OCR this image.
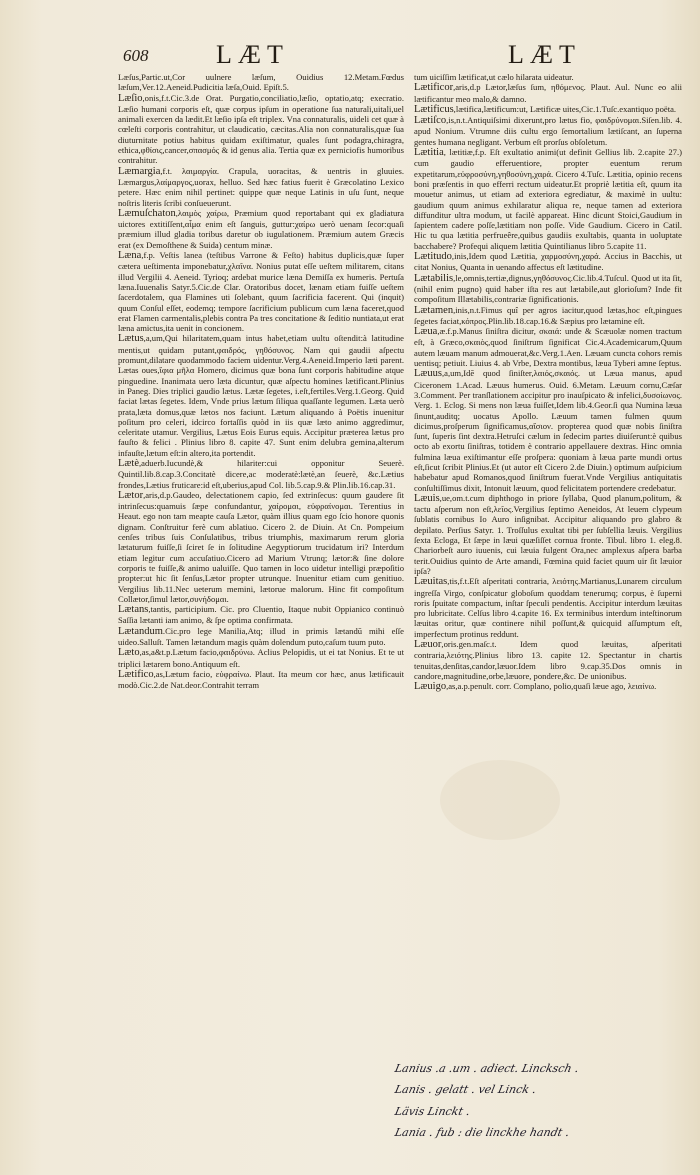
608	LÆT	LÆT

Læſus,Partic.ut,Cor uulnere læſum, Ouidius 12.Metam.Fœdus læſum,Ver.12.Aeneid.Pudicitia læſa,Ouid. Epiſt.5.

Læſio,onis,f.t.Cic.3.de Orat. Purgatio,conciliatio,læſio, optatio,atq; execratio. Læſio humani corporis eſt, quæ corpus ipſum in operatione ſua naturali,uitali,uel animali exercen da lædit.Et læſio ipſa eſt triplex. Vna connaturalis, uideli cet quæ à cœleſti corporis contrahitur, ut claudicatio, cæcitas.Alia non connaturalis,quæ ſua diuturnitate potius habitus quidam exiſtimatur, quales ſunt podagra,chiragra, ethica,φθίσις,cancer,σπασμός & id genus alia. Tertia quæ ex perniciofis humoribus contrahitur.

Læmargia,f.t. λαιμαργία. Crapula, uoracitas, & uentris in gluuies. Læmargus,λαίμαργος,uorax, helluo. Sed hæc fatius fuerit è Græcolatino Lexico petere. Hæc enim nihil pertinet: quippe quæ neque Latinis in uſu ſunt, neque noſtris literis ſcribi conſueuerunt.

Læmuſchaton,λαιμὸς χαίρω, Præmium quod reportabant qui ex gladiatura uictores extitiſſent,αἷμα enim eſt ſanguis, guttur:χαίρω uerò uenam ſecor:quaſi præmium illud gladia toribus daretur ob iugulationem. Præmium autem Græcis erat (ex Demoſthene & Suida) centum minæ.

Læna,f.p. Veſtis lanea (teſtibus Varrone & Feſto) habitus duplicis,quæ ſuper cætera ueſtimenta imponebatur,χλαῖνα. Nonius putat eſſe ueſtem militarem, citans illud Vergilii 4. Aeneid. Tyrioq; ardebat murice læna Demiſſa ex humeris. Pertuſa læna.Iuuenalis Satyr.5.Cic.de Clar. Oratoribus docet, lænam etiam fuiſſe ueſtem ſacerdotalem, qua Flamines uti ſolebant, quum ſacrificia facerent. Qui (inquit) quum Conſul eſſet, eodemq; tempore ſacrificium publicum cum læna faceret,quod erat Flamen carmentalis,plebis contra Pa tres concitatione & ſeditio nuntiata,ut erat læna amictus,ita uenit in concionem.

Lætus,a,um,Qui hilaritatem,quam intus habet,etiam uultu oſtendit:à latitudine mentis,ut quidam putant,φαιδρός, γηθόσυνος. Nam qui gaudii aſpectu promunt,dilatare quodammodo faciem uidentur.Verg.4.Aeneid.Imperio læti parent. Lætas oues,ἴφια μῆλα Homero, dicimus quæ bona ſunt corporis habitudine atque pinguedine. Inanimata uero læta dicuntur, quæ aſpectu homines lætificant.Plinius in Paneg. Dies triplici gaudio lætus. Lætæ ſegetes, i.eſt,fertiles.Verg.1.Georg. Quid faciat lætas ſegetes. Idem, Vnde prius lætum ſiliqua quaſſante legumen. Læta uerò prata,læta domus,quæ lætos nos faciunt. Lætum aliquando à Poëtis inuenitur poſitum pro celeri, idcirco fortaſſis quòd in iis quæ læto animo aggredimur, celeritate utamur. Vergilius, Lætus Eois Eurus equis. Accipitur præterea lætus pro fauſto & felici . Plinius libro 8. capite 47. Sunt enim delubra gemina,alterum infauſte,lætum eſt:in altero,ita portendit.

Lætè,aduerb.Iucundè,& hilariter:cui opponitur Seuerè. Quintil.lib.8.cap.3.Concitatè dicere,ac moderatè:lætè,an ſeuerè, &c.Lætius frondes,Lætius fruticare:id eſt,uberius,apud Col. lib.5.cap.9.& Plin.lib.16.cap.31.

Lætor,aris,d.p.Gaudeo, delectationem capio, ſed extrinſecus: quum gaudere ſit intrinſecus:quamuis ſæpe confundantur, χαίρομαι, εὐφραίνομαι. Terentius in Heaut. ego non tam meapte cauſa Lætor, quàm illius quam ego ſcio honore quonis dignam. Conſtruitur ferè cum ablatiuo. Cicero 2. de Diuin. At Cn. Pompeium cenſes tribus ſuis Conſulatibus, tribus triumphis, maximarum rerum gloria lætaturum fuiſſe,ſi ſciret ſe in ſolitudine Aegyptiorum trucidatum iri? Interdum etiam legitur cum accuſatiuo.Cicero ad Marium Vtrunq; lætor:& ſine dolore corporis te fuiſſe,& animo ualuiſſe. Quo tamen in loco uidetur intelligi præpoſitio propter:ut hic ſit ſenſus,Lætor propter utrunque. Inuenitur etiam cum genitiuo. Vergilius lib.11.Nec ueterum memini, lætorue malorum. Hinc fit compoſitum Collætor,ſimul lætor,συνήδομαι.

Lætans,tantis, participium. Cic. pro Cluentio, Itaque nubit Oppianico continuò Saſſia lætanti iam animo, & ſpe optima confirmata.

Lætandum.Cic.pro lege Manilia,Atq; illud in primis lætandū mihi eſſe uideo.Salluſt. Tamen lætandum magis quàm dolendum puto,caſum tuum puto.

Læto,as,a&t.p.Lætum facio,φαιδρύνω. Aclius Pelopidis, ut ei tat Nonius. Et te ut triplici lætarem bono.Antiquum eſt.

Lætifico,as,Lætum facio, εὐφραίνω. Plaut. Ita meum cor hæc, anus lætificauit modò.Cic.2.de Nat.deor.Contrahit terram

tum uiciſſim lætificat,ut cælo hilarata uideatur.

Lætificor,aris,d.p Lætor,læſus ſum, ηθόμενος. Plaut. Aul. Nunc eo alii lætificantur meo malo,& damno.

Lætificus,lætifica,lætificum:ut, Lætificæ uites,Cic.1.Tuſc.exantiquo poëta.

Lætiſco,is,n.t.Antiquiſsimi dixerunt,pro lætus fio, φαιδρύνομαι.Siſen.lib. 4. apud Nonium. Vtrumne diis cultu ergo ſemortalium lætiſcant, an ſuperna gentes humana negligant. Verbum eſt prorſus obſoletum.

Lætitia, lætitiæ,f.p. Eſt exultatio animi(ut definit Gellius lib. 2.capite 27.) cum gaudio efferuentiore, propter euentum rerum expetitarum,εὐφροσύνη,γηθοσύνη,χαρά. Cicero 4.Tuſc. Lætitia, opinio recens boni præſentis in quo efferri rectum uideatur.Et propriè lætitia eſt, quum ita mouetur animus, ut etiam ad exteriora egrediatur, & maximè in uultu: gaudium quum animus exhilaratur aliqua re, neque tamen ad exteriora diffunditur ultra modum, ut facilè appareat. Hinc dicunt Stoici,Gaudium in ſapientem cadere poſſe,lætitiam non poſſe. Vide Gaudium. Cicero in Catil. Hic tu qua lætitia perfrueêre,quibus gaudiis exultabis, quanta in uoluptate bacchabere? Profequi aliquem lætitia Quintilianus libro 5.capite 11.

Lætitudo,inis,Idem quod Lætitia, χαρμοσύνη,χαρά. Accius in Bacchis, ut citat Nonius, Quanta in uenando affectus eſt lætitudine.

Lætabilis,le,omnis,tertiæ,dignus,γηθόσυνος.Cic.lib.4.Tuſcul. Quod ut ita ſit, (nihil enim pugno) quid haber iſta res aut lætabile,aut glorioſum? Inde fit compoſitum Illætabilis,contrariæ ſignificationis.

Lætamen,inis,n.t.Fimus quî per agros iacitur,quod lætas,hoc eſt,pingues ſegetes faciat,κόπρος.Plin.lib.18.cap.16.& Sæpius pro lætamine eſt.

Læua,æ.f.p.Manus ſiniſtra dicitur, σκαιά: unde & Scæuolæ nomen tractum eſt, à Græco,σκαιὸς,quod ſiniſtrum ſignificat Cic.4.Academicarum,Quum autem læuam manum admouerat,&c.Verg.1.Aen. Læuam cuncta cohors remis uentisq; petiuit. Liuius 4. ab Vrbe, Dextra montibus, læua Tyberi amne ſeptus.

Læuus,a,um,Idē quod ſiniſter,λαιός,σκαιός. ut Læua manus, apud Ciceronem 1.Acad. Læuus humerus. Ouid. 6.Metam. Læuum cornu,Cæſar 3.Comment. Per tranſlationem accipitur pro inauſpicato & infelici,δυσοίωνος. Verg. 1. Eclog. Si mens non læua fuiſſet,Idem lib.4.Geor.ſi qua Numina læua ſinunt,auditq; uocatus Apollo. Læuum tamen fulmen quum dicimus,proſperum ſignificamus,αἴσιον. propterea quod quæ nobis ſiniſtra ſunt, ſuperis ſint dextra.Hetruſci cælum in ſedecim partes diuiſerunt:è quibus octo ab exortu ſiniſtras, totidem è contrario appellauere dextras. Hinc omnia fulmina læua exiſtimantur eſſe proſpera: quoniam à læua parte mundi ortus eſt,ſicut ſcribit Plinius.Et (ut autor eſt Cicero 2.de Diuin.) optimum auſpicium habebatur apud Romanos,quod ſiniſtrum fuerat.Vnde Vergilius antiquitatis conſultiſſimus dixit, Intonuit læuum, quod felicitatem portendere credebatur.

Læuis,ue,om.t.cum diphthogo in priore ſyllaba, Quod planum,politum, & tactu aſperum non eſt,λεῖος.Vergilius ſeptimo Aeneidos, At leuem clypeum ſublatis cornibus Io Auro inſignibat. Accipitur aliquando pro glabro & depilato. Perſius Satyr. 1. Troſſulus exultat tibi per ſubſellia læuis. Vergilius ſexta Ecloga, Et ſæpe in læui quæſiſſet cornua fronte. Tibul. libro 1. eleg.8. Chariorbeſt auro iuuenis, cui læuia fulgent Ora,nec amplexus aſpera barba terit.Ouidius quinto de Arte amandi, Fœmina quid faciet quum uir ſit læuior ipſa?

Læuitas,tis,f.t.Eſt aſperitati contraria, λειότης.Martianus,Lunarem circulum ingreſſa Virgo, conſpicatur globoſum quoddam tenerumq; corpus, è ſuperni roris ſpuitate compactum, inſtar ſpeculi pendentis. Accipitur interdum læuitas pro lubricitate. Celſus libro 4.capite 16. Ex terminibus interdum inteſtinorum læuitas oritur, quæ continere nihil poſſunt,& quicquid aſſumptum eſt, imperfectum protinus reddunt.

Læuor,oris.gen.maſc.t. Idem quod læuitas, aſperitati contraria,λειότης.Plinius libro 13. capite 12. Spectantur in chartis tenuitas,denſitas,candor,læuor.Idem libro 9.cap.35.Dos omnis in candore,magnitudine,orbe,læuore, pondere,&c. De unionibus.

Læuigo,as,a.p.penult. corr. Complano, polio,quaſi læue ago, λειαίνω.

Lanius .a .um . adiect. Lincksch .
Lanis . gelatt . vel Linck .
Lävis Linckt .
Lania . fub : die linckhe handt .
